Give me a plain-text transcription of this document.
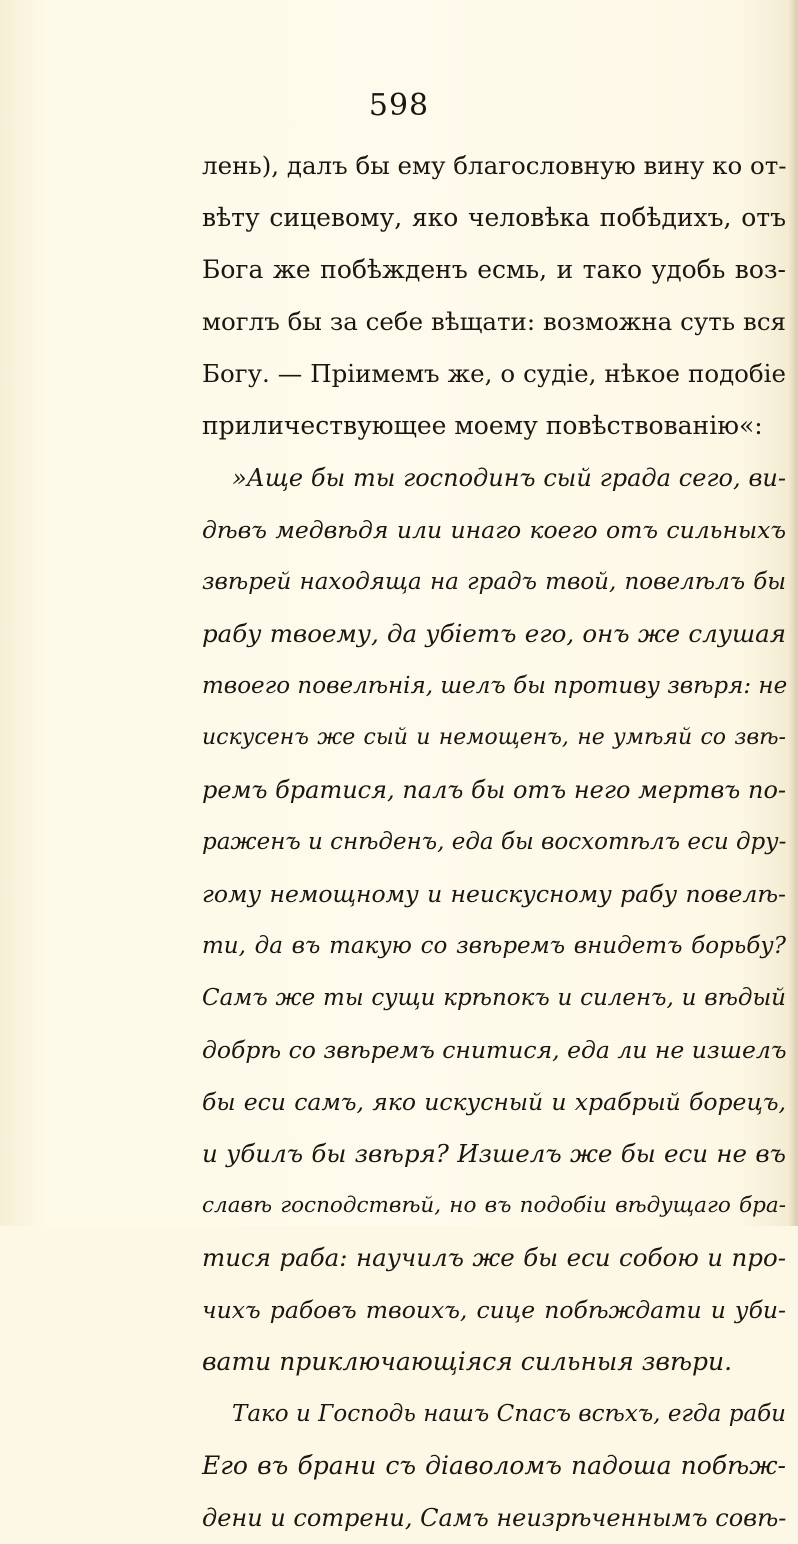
598
лень), далъ бы ему благословную вину ко от-
вѣту сицевому, яко человѣка побѣдихъ, отъ
Бога же побѣжденъ есмь, и тако удобь воз-
моглъ бы за себе вѣщати: возможна суть вся
Богу. — Пріимемъ же, о судіе, нѣкое подобіе
приличествующее моему повѣствованію«:
»Аще бы ты господинъ сый града сего, ви-
дѣвъ медвѣдя или инаго коего отъ сильныхъ
звѣрей находяща на градъ твой, повелѣлъ бы
рабу твоему, да убіетъ его, онъ же слушая
твоего повелѣнія, шелъ бы противу звѣря: не
искусенъ же сый и немощенъ, не умѣяй со звѣ-
ремъ братися, палъ бы отъ него мертвъ по-
раженъ и снѣденъ, еда бы восхотѣлъ еси дру-
гому немощному и неискусному рабу повелѣ-
ти, да въ такую со звѣремъ внидетъ борьбу?
Самъ же ты сущи крѣпокъ и силенъ, и вѣдый
добрѣ со звѣремъ снитися, еда ли не изшелъ
бы еси самъ, яко искусный и храбрый борецъ,
и убилъ бы звѣря? Изшелъ же бы еси не въ
славѣ господствѣй, но въ подобіи вѣдущаго бра-
тися раба: научилъ же бы еси собою и про-
чихъ рабовъ твоихъ, сице побѣждати и уби-
вати приключающіяся сильныя звѣри.
Тако и Господь нашъ Спасъ всѣхъ, егда раби
Его въ брани съ діаволомъ падоша побѣж-
дени и сотрени, Самъ неизрѣченнымъ совѣ-
